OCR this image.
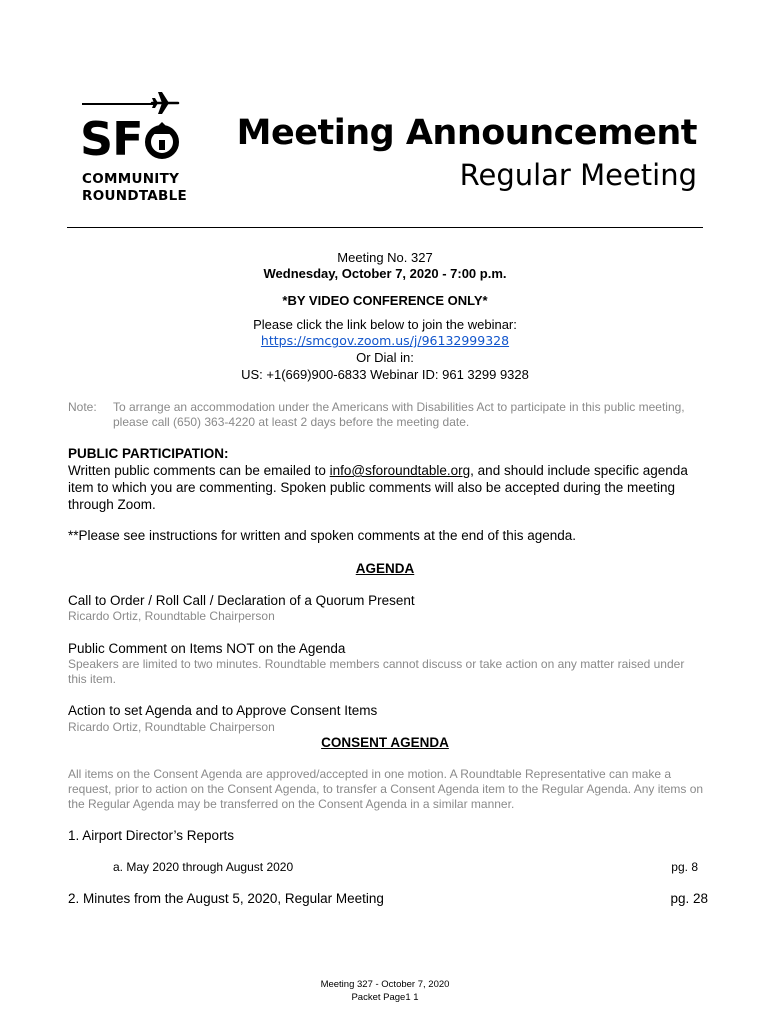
SF
COMMUNITY
ROUNDTABLE
Meeting Announcement
Regular Meeting
Meeting No. 327
Wednesday, October 7, 2020 - 7:00 p.m.
*BY VIDEO CONFERENCE ONLY*
Please click the link below to join the webinar:
https://smcgov.zoom.us/j/96132999328
Or Dial in:
US: +1(669)900-6833 Webinar ID: 961 3299 9328
Note: To arrange an accommodation under the Americans with Disabilities Act to participate in this public meeting, please call (650) 363-4220 at least 2 days before the meeting date.
PUBLIC PARTICIPATION:
Written public comments can be emailed to info@sforoundtable.org, and should include specific agenda item to which you are commenting. Spoken public comments will also be accepted during the meeting through Zoom.
**Please see instructions for written and spoken comments at the end of this agenda.
AGENDA
Call to Order / Roll Call / Declaration of a Quorum Present
Ricardo Ortiz, Roundtable Chairperson
Public Comment on Items NOT on the Agenda
Speakers are limited to two minutes. Roundtable members cannot discuss or take action on any matter raised under this item.
Action to set Agenda and to Approve Consent Items
Ricardo Ortiz, Roundtable Chairperson
CONSENT AGENDA
All items on the Consent Agenda are approved/accepted in one motion. A Roundtable Representative can make a request, prior to action on the Consent Agenda, to transfer a Consent Agenda item to the Regular Agenda. Any items on the Regular Agenda may be transferred on the Consent Agenda in a similar manner.
1. Airport Director’s Reports
a. May 2020 through August 2020	pg. 8
2. Minutes from the August 5, 2020, Regular Meeting	pg. 28
Meeting 327 - October 7, 2020
Packet Page1 1
